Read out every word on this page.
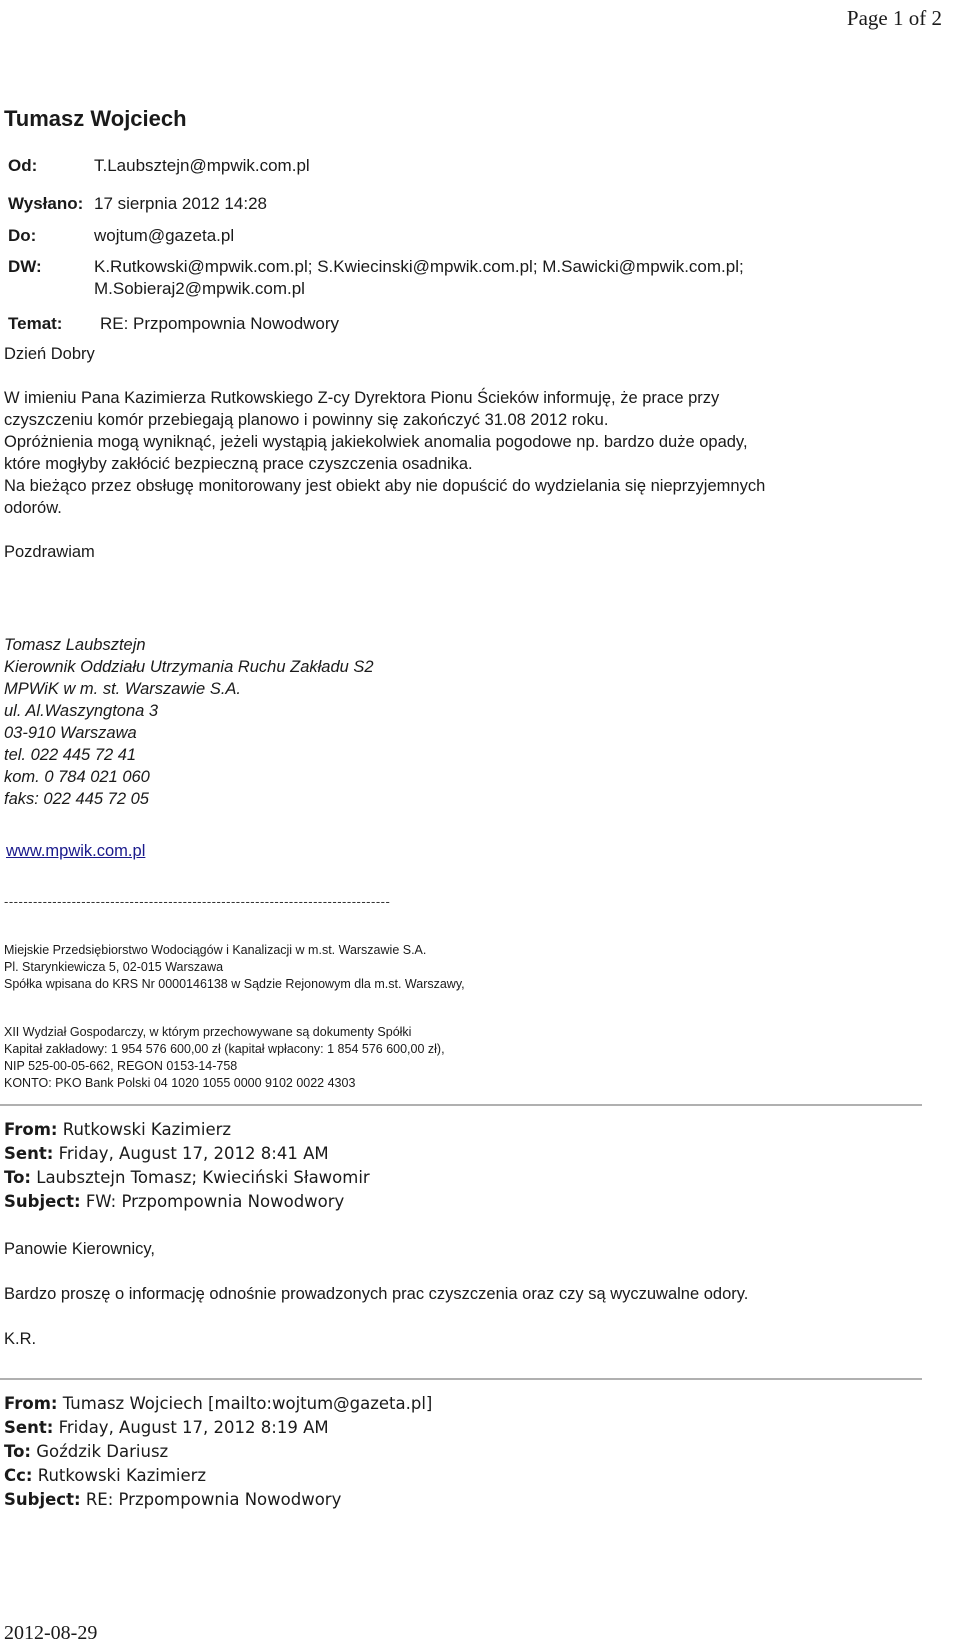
Page 1 of 2
Tumasz Wojciech
Od:	T.Laubsztejn@mpwik.com.pl
Wysłano: 17 sierpnia 2012 14:28
Do:	wojtum@gazeta.pl
DW:	K.Rutkowski@mpwik.com.pl; S.Kwiecinski@mpwik.com.pl; M.Sawicki@mpwik.com.pl;
M.Sobieraj2@mpwik.com.pl
Temat: RE: Przpompownia Nowodwory
Dzień Dobry
W imieniu Pana Kazimierza Rutkowskiego Z-cy Dyrektora Pionu Ścieków informuję, że prace przy
czyszczeniu komór przebiegają planowo i powinny się zakończyć 31.08 2012 roku.
Opróżnienia mogą wyniknąć, jeżeli wystąpią jakiekolwiek anomalia pogodowe np. bardzo duże opady,
które mogłyby zakłócić bezpieczną prace czyszczenia osadnika.
Na bieżąco przez obsługę monitorowany jest obiekt aby nie dopuścić do wydzielania się nieprzyjemnych
odorów.
Pozdrawiam
Tomasz Laubsztejn
Kierownik Oddziału Utrzymania Ruchu Zakładu S2
MPWiK w m. st. Warszawie S.A.
ul. Al.Waszyngtona 3
03-910 Warszawa
tel. 022 445 72 41
kom. 0 784 021 060
faks: 022 445 72 05
www.mpwik.com.pl
--------------------------------------------------------------------------------
Miejskie Przedsiębiorstwo Wodociągów i Kanalizacji w m.st. Warszawie S.A.
Pl. Starynkiewicza 5, 02-015 Warszawa
Spółka wpisana do KRS Nr 0000146138 w Sądzie Rejonowym dla m.st. Warszawy,
XII Wydział Gospodarczy, w którym przechowywane są dokumenty Spółki
Kapitał zakładowy: 1 954 576 600,00 zł (kapitał wpłacony: 1 854 576 600,00 zł),
NIP 525-00-05-662, REGON 0153-14-758
KONTO: PKO Bank Polski 04 1020 1055 0000 9102 0022 4303
From: Rutkowski Kazimierz
Sent: Friday, August 17, 2012 8:41 AM
To: Laubsztejn Tomasz; Kwieciński Sławomir
Subject: FW: Przpompownia Nowodwory
Panowie Kierownicy,
Bardzo proszę o informację odnośnie prowadzonych prac czyszczenia oraz czy są wyczuwalne odory.
K.R.
From: Tumasz Wojciech [mailto:wojtum@gazeta.pl]
Sent: Friday, August 17, 2012 8:19 AM
To: Goździk Dariusz
Cc: Rutkowski Kazimierz
Subject: RE: Przpompownia Nowodwory
2012-08-29
